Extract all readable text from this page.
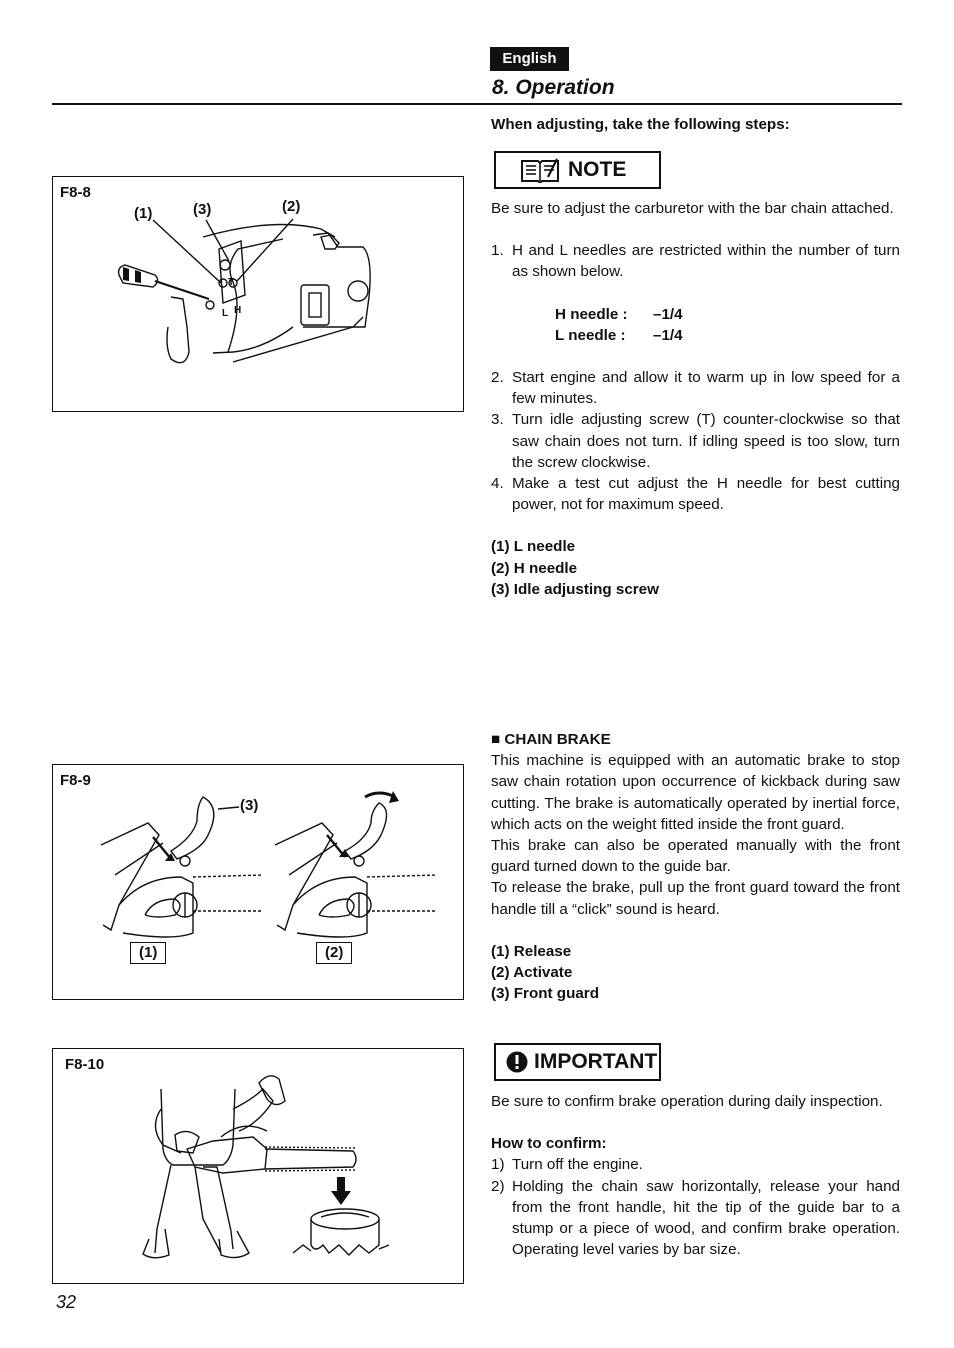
English
8. Operation

When adjusting, take the following steps:

NOTE

Be sure to adjust the carburetor with the bar chain attached.

1. H and L needles are restricted within the number of turn as shown below.
H needle :	–1/4
L needle :	–1/4
2. Start engine and allow it to warm up in low speed for a few minutes.
3. Turn idle adjusting screw (T) counter-clockwise so that saw chain does not turn. If idling speed is too slow, turn the screw clockwise.
4. Make a test cut adjust the H needle for best cutting power, not for maximum speed.

(1) L needle

(2) H needle

(3) Idle adjusting screw

■ CHAIN BRAKE

This machine is equipped with an automatic brake to stop saw chain rotation upon occurrence of kickback during saw cutting. The brake is automatically operated by inertial force, which acts on the weight fitted inside the front guard.

This brake can also be operated manually with the front guard turned down to the guide bar.

To release the brake, pull up the front guard toward the front handle till a “click” sound is heard.

(1) Release

(2) Activate

(3) Front guard

IMPORTANT

Be sure to confirm brake operation during daily inspection.

How to confirm:

1) Turn off the engine.
2) Holding the chain saw horizontally, release your hand from the front handle, hit the tip of the guide bar to a stump or a piece of wood, and confirm brake operation. Operating level varies by bar size.
F8-8
(1)	(3)	(2)
T
L H
F8-9
(3)
(1)	(2)
F8-10
32
